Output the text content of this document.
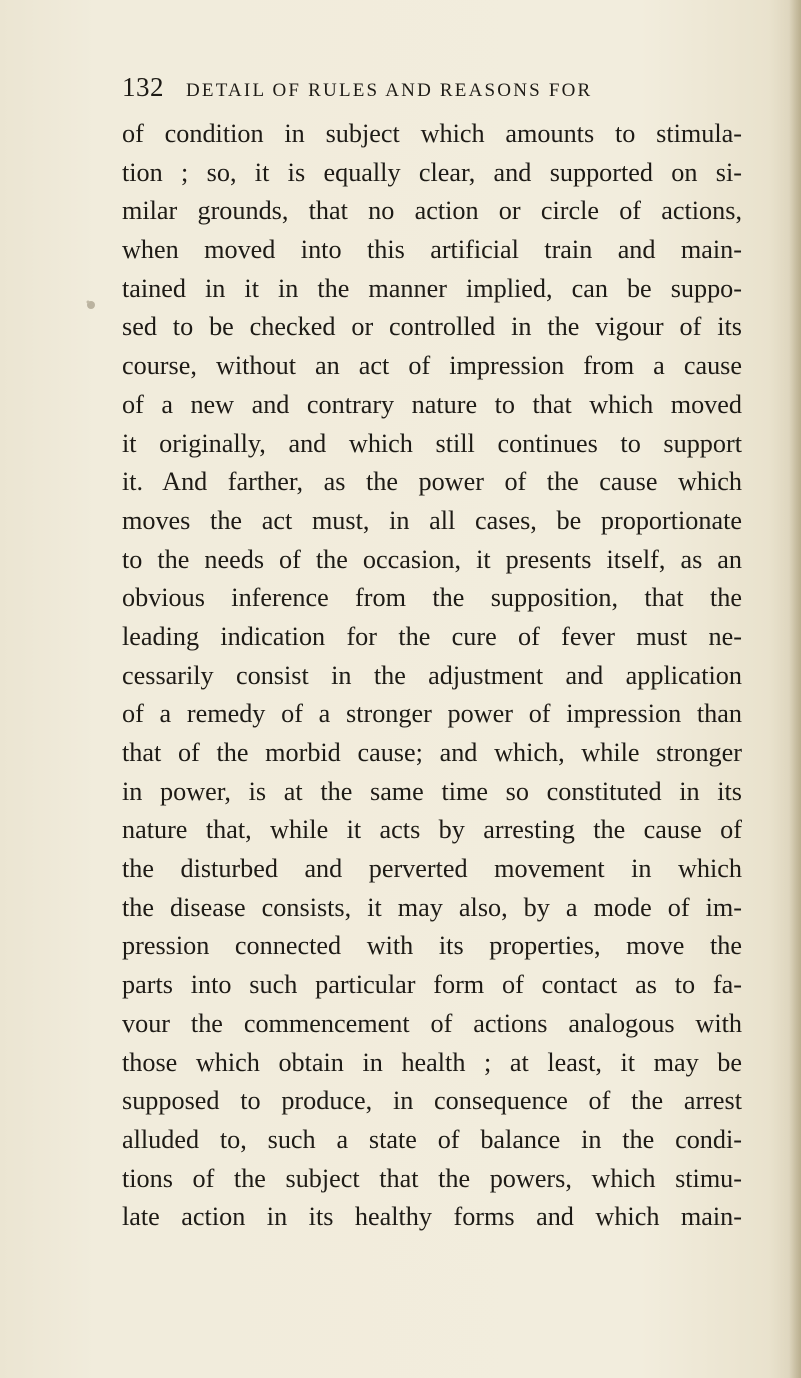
132 DETAIL OF RULES AND REASONS FOR
of condition in subject which amounts to stimula-
tion ; so, it is equally clear, and supported on si-
milar grounds, that no action or circle of actions,
when moved into this artificial train and main-
tained in it in the manner implied, can be suppo-
sed to be checked or controlled in the vigour of its
course, without an act of impression from a cause
of a new and contrary nature to that which moved
it originally, and which still continues to support
it. And farther, as the power of the cause which
moves the act must, in all cases, be proportionate
to the needs of the occasion, it presents itself, as an
obvious inference from the supposition, that the
leading indication for the cure of fever must ne-
cessarily consist in the adjustment and application
of a remedy of a stronger power of impression than
that of the morbid cause; and which, while stronger
in power, is at the same time so constituted in its
nature that, while it acts by arresting the cause of
the disturbed and perverted movement in which
the disease consists, it may also, by a mode of im-
pression connected with its properties, move the
parts into such particular form of contact as to fa-
vour the commencement of actions analogous with
those which obtain in health ; at least, it may be
supposed to produce, in consequence of the arrest
alluded to, such a state of balance in the condi-
tions of the subject that the powers, which stimu-
late action in its healthy forms and which main-
